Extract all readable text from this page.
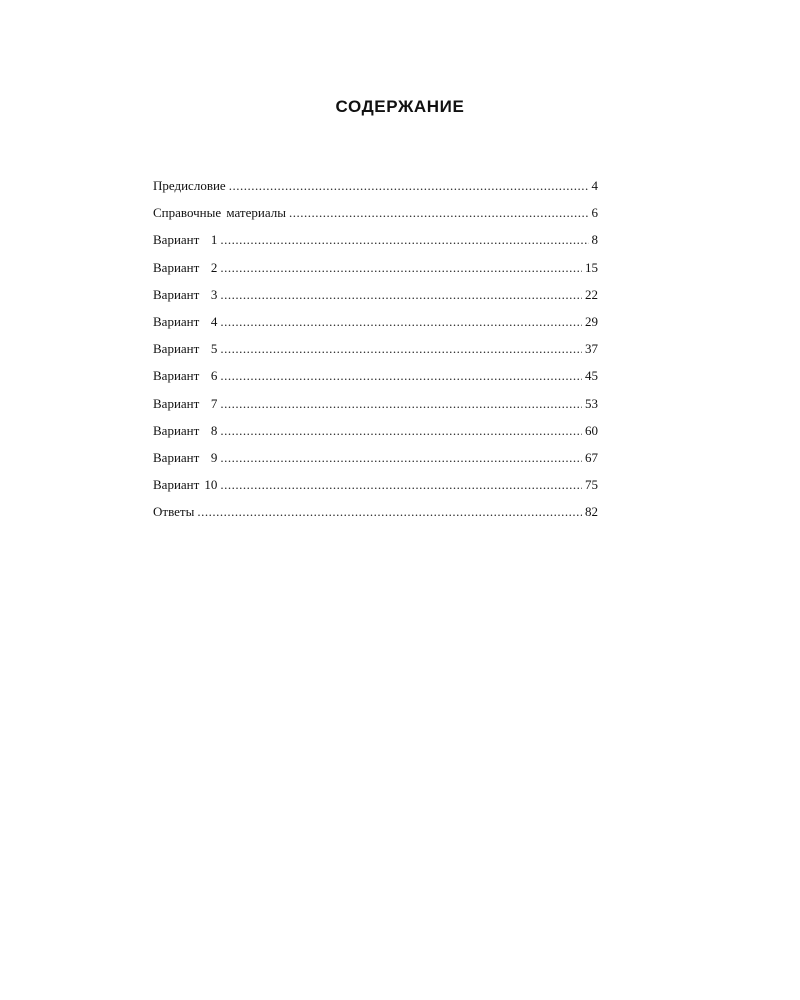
СОДЕРЖАНИЕ
Предисловие .....	4
Справочные материалы .....	6
Вариант 1 .....	8
Вариант 2 .....	15
Вариант 3 .....	22
Вариант 4 .....	29
Вариант 5 .....	37
Вариант 6 .....	45
Вариант 7 .....	53
Вариант 8 .....	60
Вариант 9 .....	67
Вариант 10 .....	75
Ответы .....	82
